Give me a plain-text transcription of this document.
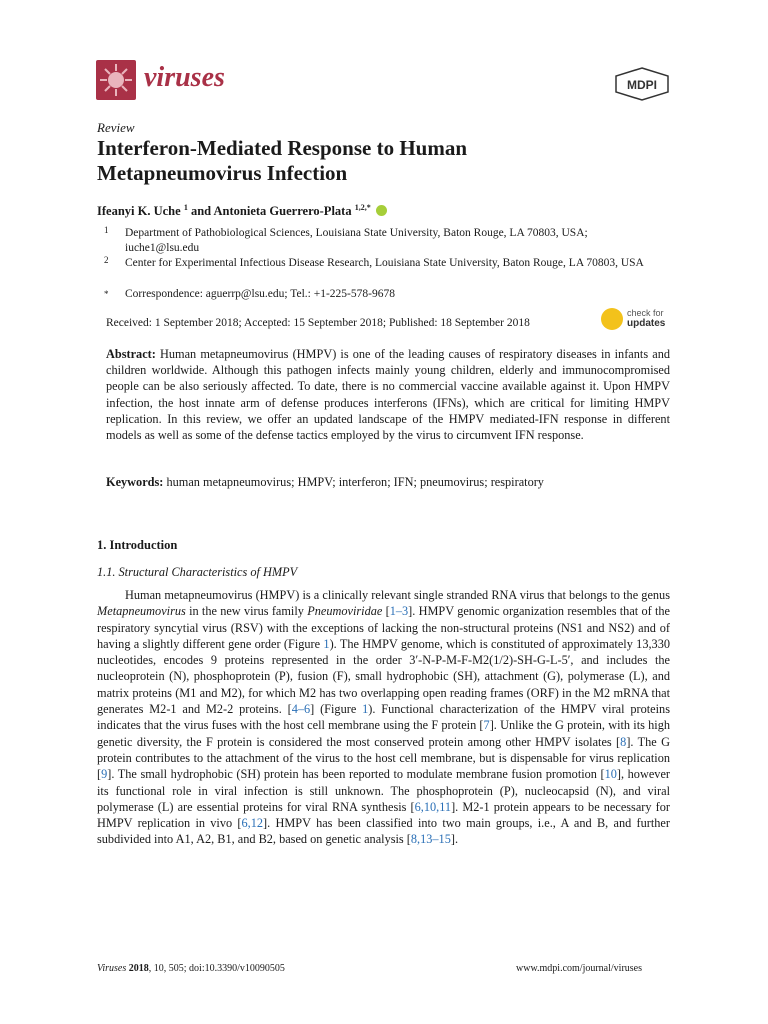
viruses	MDPI
Review
Interferon-Mediated Response to Human Metapneumovirus Infection
Ifeanyi K. Uche $^1$ and Antonieta Guerrero-Plata $^{1,2,*}$
1 Department of Pathobiological Sciences, Louisiana State University, Baton Rouge, LA 70803, USA; iuche1@lsu.edu
2 Center for Experimental Infectious Disease Research, Louisiana State University, Baton Rouge, LA 70803, USA
* Correspondence: aguerrp@lsu.edu; Tel.: +1-225-578-9678
Received: 1 September 2018; Accepted: 15 September 2018; Published: 18 September 2018
check for
updates
Abstract: Human metapneumovirus (HMPV) is one of the leading causes of respiratory diseases in infants and children worldwide. Although this pathogen infects mainly young children, elderly and immunocompromised people can be also seriously affected. To date, there is no commercial vaccine available against it. Upon HMPV infection, the host innate arm of defense produces interferons (IFNs), which are critical for limiting HMPV replication. In this review, we offer an updated landscape of the HMPV mediated-IFN response in different models as well as some of the defense tactics employed by the virus to circumvent IFN response.
Keywords: human metapneumovirus; HMPV; interferon; IFN; pneumovirus; respiratory
1. Introduction
1.1. Structural Characteristics of HMPV
Human metapneumovirus (HMPV) is a clinically relevant single stranded RNA virus that belongs to the genus Metapneumovirus in the new virus family Pneumoviridae [1–3]. HMPV genomic organization resembles that of the respiratory syncytial virus (RSV) with the exceptions of lacking the non-structural proteins (NS1 and NS2) and of having a slightly different gene order (Figure 1). The HMPV genome, which is constituted of approximately 13,330 nucleotides, encodes 9 proteins represented in the order 3′-N-P-M-F-M2(1/2)-SH-G-L-5′, and includes the nucleoprotein (N), phosphoprotein (P), fusion (F), small hydrophobic (SH), attachment (G), polymerase (L), and matrix proteins (M1 and M2), for which M2 has two overlapping open reading frames (ORF) in the M2 mRNA that generates M2-1 and M2-2 proteins. [4–6] (Figure 1). Functional characterization of the HMPV viral proteins indicates that the virus fuses with the host cell membrane using the F protein [7]. Unlike the G protein, with its high genetic diversity, the F protein is considered the most conserved protein among other HMPV isolates [8]. The G protein contributes to the attachment of the virus to the host cell membrane, but is dispensable for virus replication [9]. The small hydrophobic (SH) protein has been reported to modulate membrane fusion promotion [10], however its functional role in viral infection is still unknown. The phosphoprotein (P), nucleocapsid (N), and viral polymerase (L) are essential proteins for viral RNA synthesis [6,10,11]. M2-1 protein appears to be necessary for HMPV replication in vivo [6,12]. HMPV has been classified into two main groups, i.e., A and B, and further subdivided into A1, A2, B1, and B2, based on genetic analysis [8,13–15].
Viruses 2018, 10, 505; doi:10.3390/v10090505	www.mdpi.com/journal/viruses
